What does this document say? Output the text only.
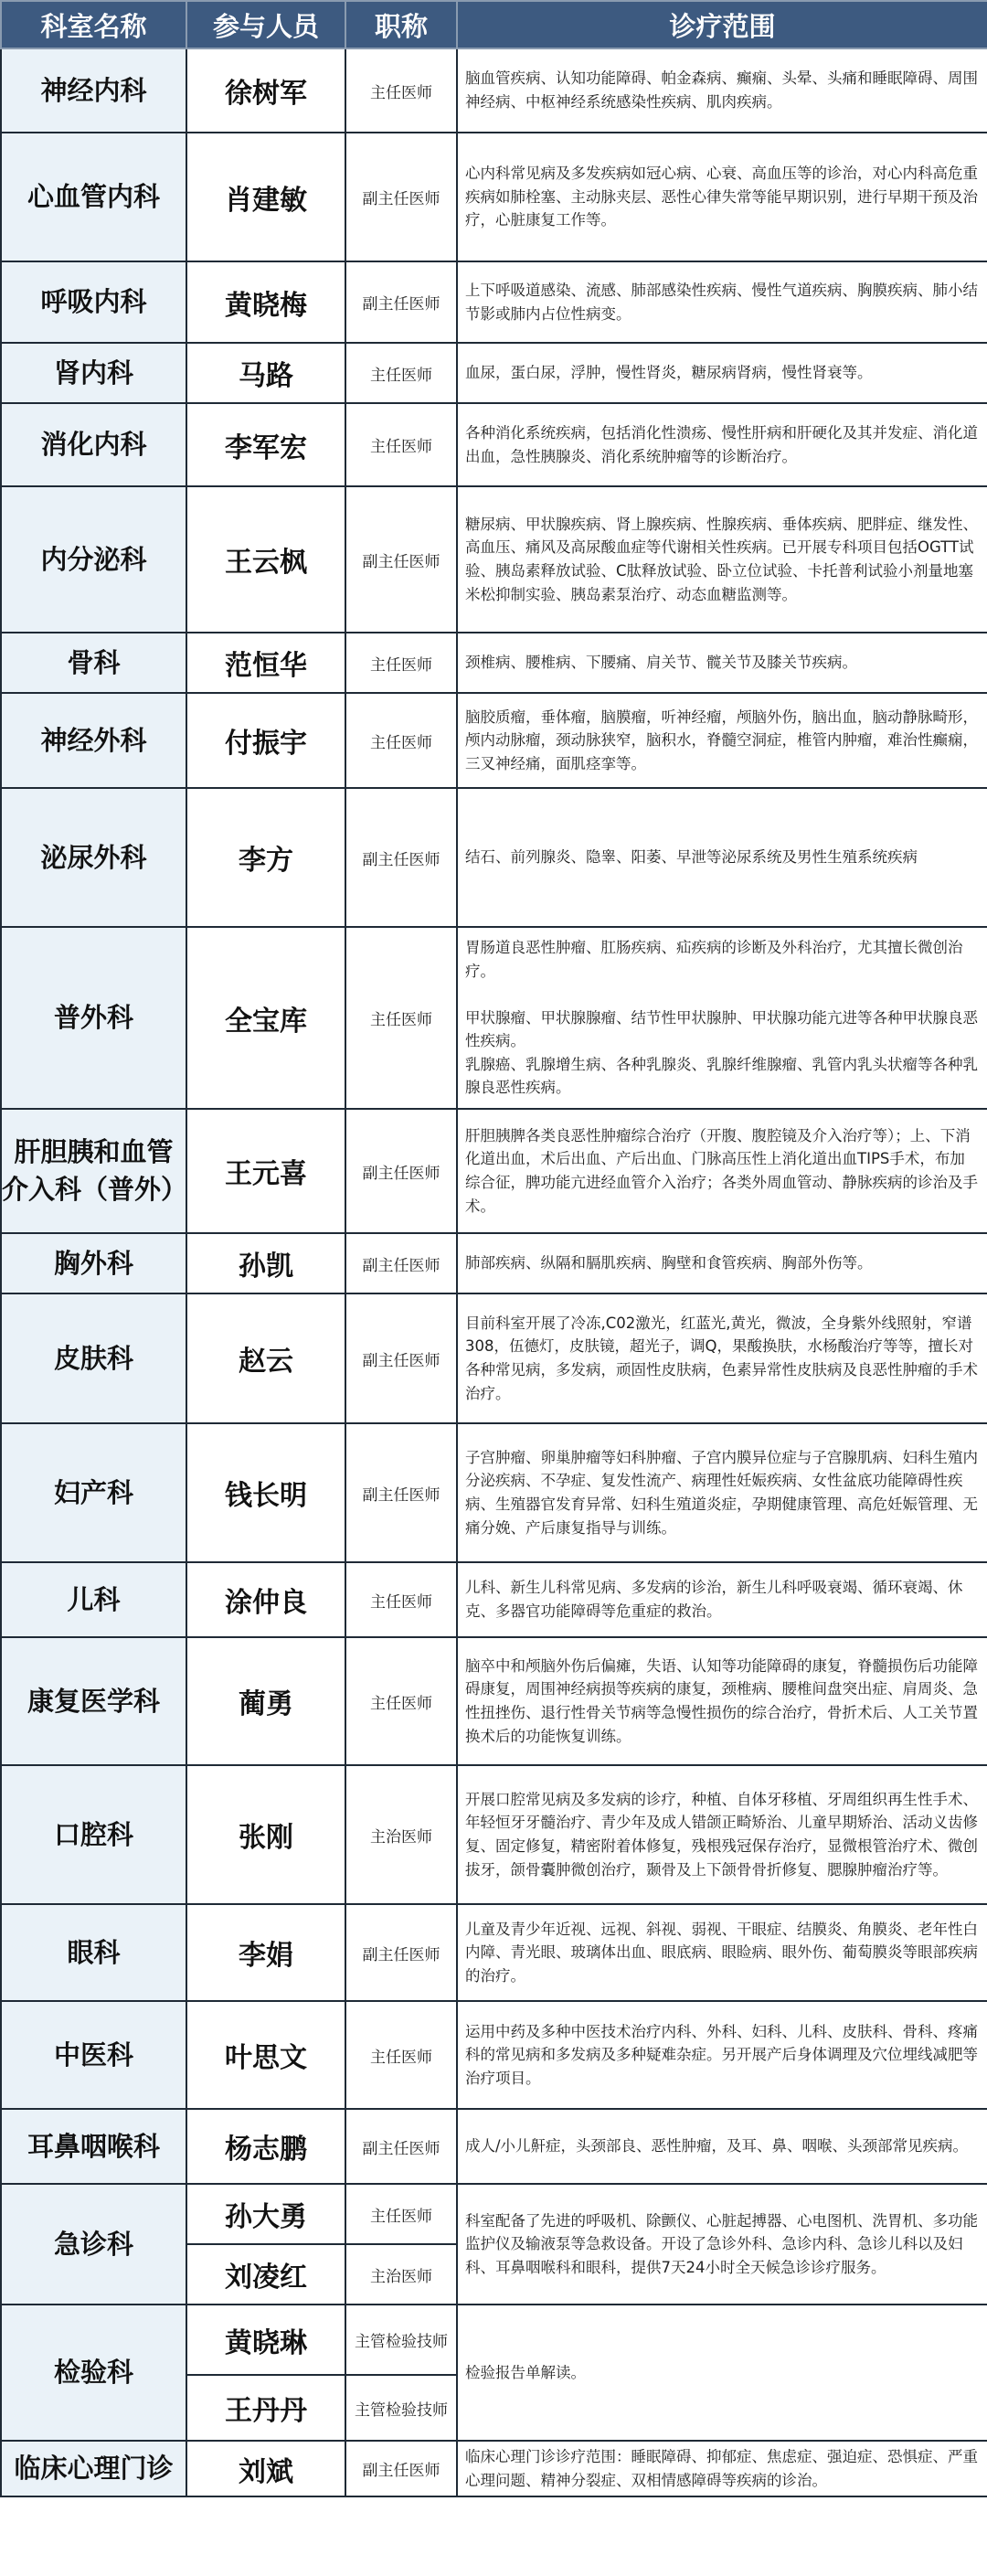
科室名称	参与人员	职称	诊疗范围
神经内科	徐树军	主任医师	脑血管疾病、认知功能障碍、帕金森病、癫痫、头晕、头痛和睡眠障碍、周围神经病、中枢神经系统感染性疾病、肌肉疾病。
心血管内科	肖建敏	副主任医师	心内科常见病及多发疾病如冠心病、心衰、高血压等的诊治，对心内科高危重疾病如肺栓塞、主动脉夹层、恶性心律失常等能早期识别，进行早期干预及治疗，心脏康复工作等。
呼吸内科	黄晓梅	副主任医师	上下呼吸道感染、流感、肺部感染性疾病、慢性气道疾病、胸膜疾病、肺小结节影或肺内占位性病变。
肾内科	马路	主任医师	血尿，蛋白尿，浮肿，慢性肾炎，糖尿病肾病，慢性肾衰等。
消化内科	李军宏	主任医师	各种消化系统疾病，包括消化性溃疡、慢性肝病和肝硬化及其并发症、消化道出血，急性胰腺炎、消化系统肿瘤等的诊断治疗。
内分泌科	王云枫	副主任医师	糖尿病、甲状腺疾病、肾上腺疾病、性腺疾病、垂体疾病、肥胖症、继发性、高血压、痛风及高尿酸血症等代谢相关性疾病。已开展专科项目包括OGTT试验、胰岛素释放试验、C肽释放试验、卧立位试验、卡托普利试验小剂量地塞米松抑制实验、胰岛素泵治疗、动态血糖监测等。
骨科	范恒华	主任医师	颈椎病、腰椎病、下腰痛、肩关节、髋关节及膝关节疾病。
神经外科	付振宇	主任医师	脑胶质瘤，垂体瘤，脑膜瘤，听神经瘤，颅脑外伤，脑出血，脑动静脉畸形，颅内动脉瘤，颈动脉狭窄，脑积水，脊髓空洞症，椎管内肿瘤，难治性癫痫，三叉神经痛，面肌痉挛等。
泌尿外科	李方	副主任医师	结石、前列腺炎、隐睾、阳萎、早泄等泌尿系统及男性生殖系统疾病
普外科	全宝库	主任医师	胃肠道良恶性肿瘤、肛肠疾病、疝疾病的诊断及外科治疗，尤其擅长微创治疗。

甲状腺瘤、甲状腺腺瘤、结节性甲状腺肿、甲状腺功能亢进等各种甲状腺良恶性疾病。
乳腺癌、乳腺增生病、各种乳腺炎、乳腺纤维腺瘤、乳管内乳头状瘤等各种乳腺良恶性疾病。
肝胆胰和血管介入科（普外）	王元喜	副主任医师	肝胆胰脾各类良恶性肿瘤综合治疗（开腹、腹腔镜及介入治疗等）；上、下消化道出血，术后出血、产后出血、门脉高压性上消化道出血TIPS手术，布加综合征，脾功能亢进经血管介入治疗；各类外周血管动、静脉疾病的诊治及手术。
胸外科	孙凯	副主任医师	肺部疾病、纵隔和膈肌疾病、胸壁和食管疾病、胸部外伤等。
皮肤科	赵云	副主任医师	目前科室开展了冷冻,C02激光，红蓝光,黄光，微波，全身紫外线照射，窄谱308，伍德灯，皮肤镜，超光子，调Q，果酸换肤，水杨酸治疗等等，擅长对各种常见病，多发病，顽固性皮肤病，色素异常性皮肤病及良恶性肿瘤的手术治疗。
妇产科	钱长明	副主任医师	子宫肿瘤、卵巢肿瘤等妇科肿瘤、子宫内膜异位症与子宫腺肌病、妇科生殖内分泌疾病、不孕症、复发性流产、病理性妊娠疾病、女性盆底功能障碍性疾病、生殖器官发育异常、妇科生殖道炎症，孕期健康管理、高危妊娠管理、无痛分娩、产后康复指导与训练。
儿科	涂仲良	主任医师	儿科、新生儿科常见病、多发病的诊治，新生儿科呼吸衰竭、循环衰竭、休克、多器官功能障碍等危重症的救治。
康复医学科	蔺勇	主任医师	脑卒中和颅脑外伤后偏瘫，失语、认知等功能障碍的康复，脊髓损伤后功能障碍康复，周围神经病损等疾病的康复，颈椎病、腰椎间盘突出症、肩周炎、急性扭挫伤、退行性骨关节病等急慢性损伤的综合治疗，骨折术后、人工关节置换术后的功能恢复训练。
口腔科	张刚	主治医师	开展口腔常见病及多发病的诊疗，种植、自体牙移植、牙周组织再生性手术、年轻恒牙牙髓治疗、青少年及成人错颌正畸矫治、儿童早期矫治、活动义齿修复、固定修复，精密附着体修复，残根残冠保存治疗，显微根管治疗术、微创拔牙，颌骨囊肿微创治疗，颞骨及上下颌骨骨折修复、腮腺肿瘤治疗等。
眼科	李娟	副主任医师	儿童及青少年近视、远视、斜视、弱视、干眼症、结膜炎、角膜炎、老年性白内障、青光眼、玻璃体出血、眼底病、眼睑病、眼外伤、葡萄膜炎等眼部疾病的治疗。
中医科	叶思文	主任医师	运用中药及多种中医技术治疗内科、外科、妇科、儿科、皮肤科、骨科、疼痛科的常见病和多发病及多种疑难杂症。另开展产后身体调理及穴位埋线减肥等治疗项目。
耳鼻咽喉科	杨志鹏	副主任医师	成人/小儿鼾症，头颈部良、恶性肿瘤，及耳、鼻、咽喉、头颈部常见疾病。
急诊科	孙大勇	主任医师	科室配备了先进的呼吸机、除颤仪、心脏起搏器、心电图机、洗胃机、多功能监护仪及输液泵等急救设备。开设了急诊外科、急诊内科、急诊儿科以及妇科、耳鼻咽喉科和眼科，提供7天24小时全天候急诊诊疗服务。
	刘凌红	主治医师	
检验科	黄晓琳	主管检验技师	检验报告单解读。
	王丹丹	主管检验技师	
临床心理门诊	刘斌	副主任医师	临床心理门诊诊疗范围：睡眠障碍、抑郁症、焦虑症、强迫症、恐惧症、严重心理问题、精神分裂症、双相情感障碍等疾病的诊治。
